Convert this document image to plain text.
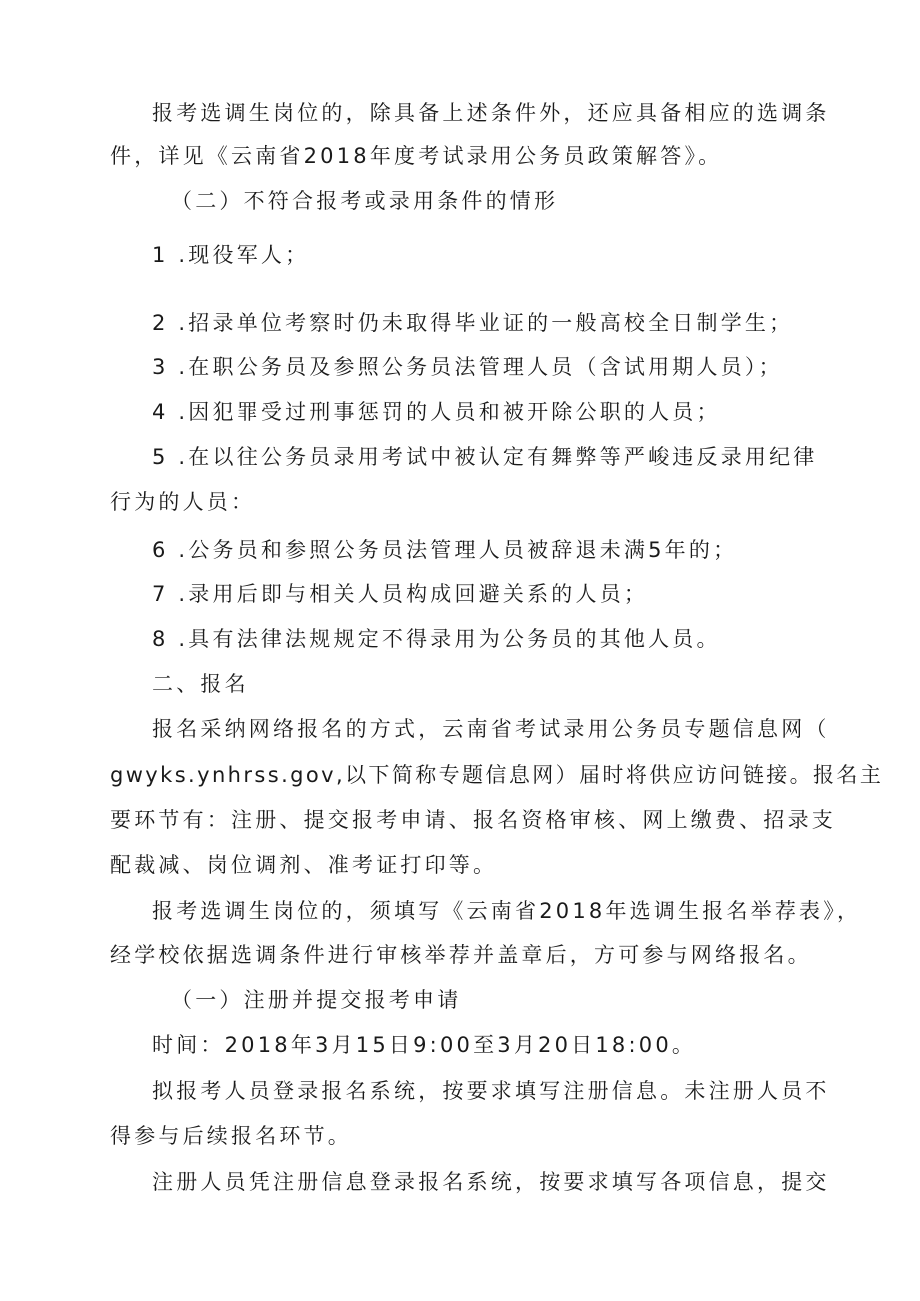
报考选调生岗位的，除具备上述条件外，还应具备相应的选调条
件，详见《云南省2018年度考试录用公务员政策解答》。
（二）不符合报考或录用条件的情形
1 .现役军人；
2 .招录单位考察时仍未取得毕业证的一般高校全日制学生；
3 .在职公务员及参照公务员法管理人员（含试用期人员）；
4 .因犯罪受过刑事惩罚的人员和被开除公职的人员；
5 .在以往公务员录用考试中被认定有舞弊等严峻违反录用纪律
行为的人员：
6 .公务员和参照公务员法管理人员被辞退未满5年的；
7 .录用后即与相关人员构成回避关系的人员；
8 .具有法律法规规定不得录用为公务员的其他人员。
二、报名
报名采纳网络报名的方式，云南省考试录用公务员专题信息网（
gwyks.ynhrss.gov,以下简称专题信息网）届时将供应访问链接。报名主
要环节有：注册、提交报考申请、报名资格审核、网上缴费、招录支
配裁减、岗位调剂、准考证打印等。
报考选调生岗位的，须填写《云南省2018年选调生报名举荐表》，
经学校依据选调条件进行审核举荐并盖章后，方可参与网络报名。
（一）注册并提交报考申请
时间：2018年3月15日9:00至3月20日18:00。
拟报考人员登录报名系统，按要求填写注册信息。未注册人员不
得参与后续报名环节。
注册人员凭注册信息登录报名系统，按要求填写各项信息，提交
